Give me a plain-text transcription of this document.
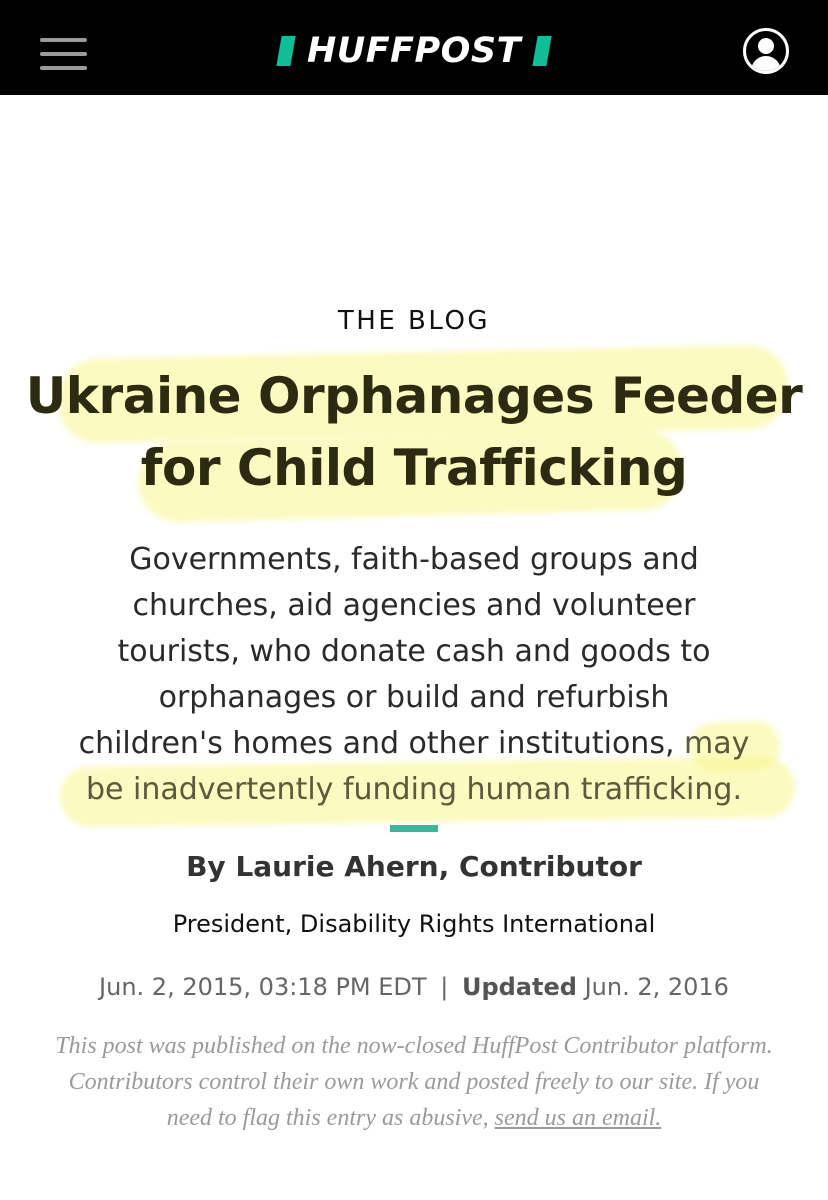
HUFFPOST
THE BLOG
Ukraine Orphanages Feeder
for Child Trafficking

Governments, faith-based groups and
churches, aid agencies and volunteer
tourists, who donate cash and goods to
orphanages or build and refurbish
children's homes and other institutions, may
be inadvertently funding human trafficking.

By Laurie Ahern, Contributor
President, Disability Rights International
Jun. 2, 2015, 03:18 PM EDT | Updated Jun. 2, 2016

This post was published on the now-closed HuffPost Contributor platform. Contributors control their own work and posted freely to our site. If you need to flag this entry as abusive, send us an email.
